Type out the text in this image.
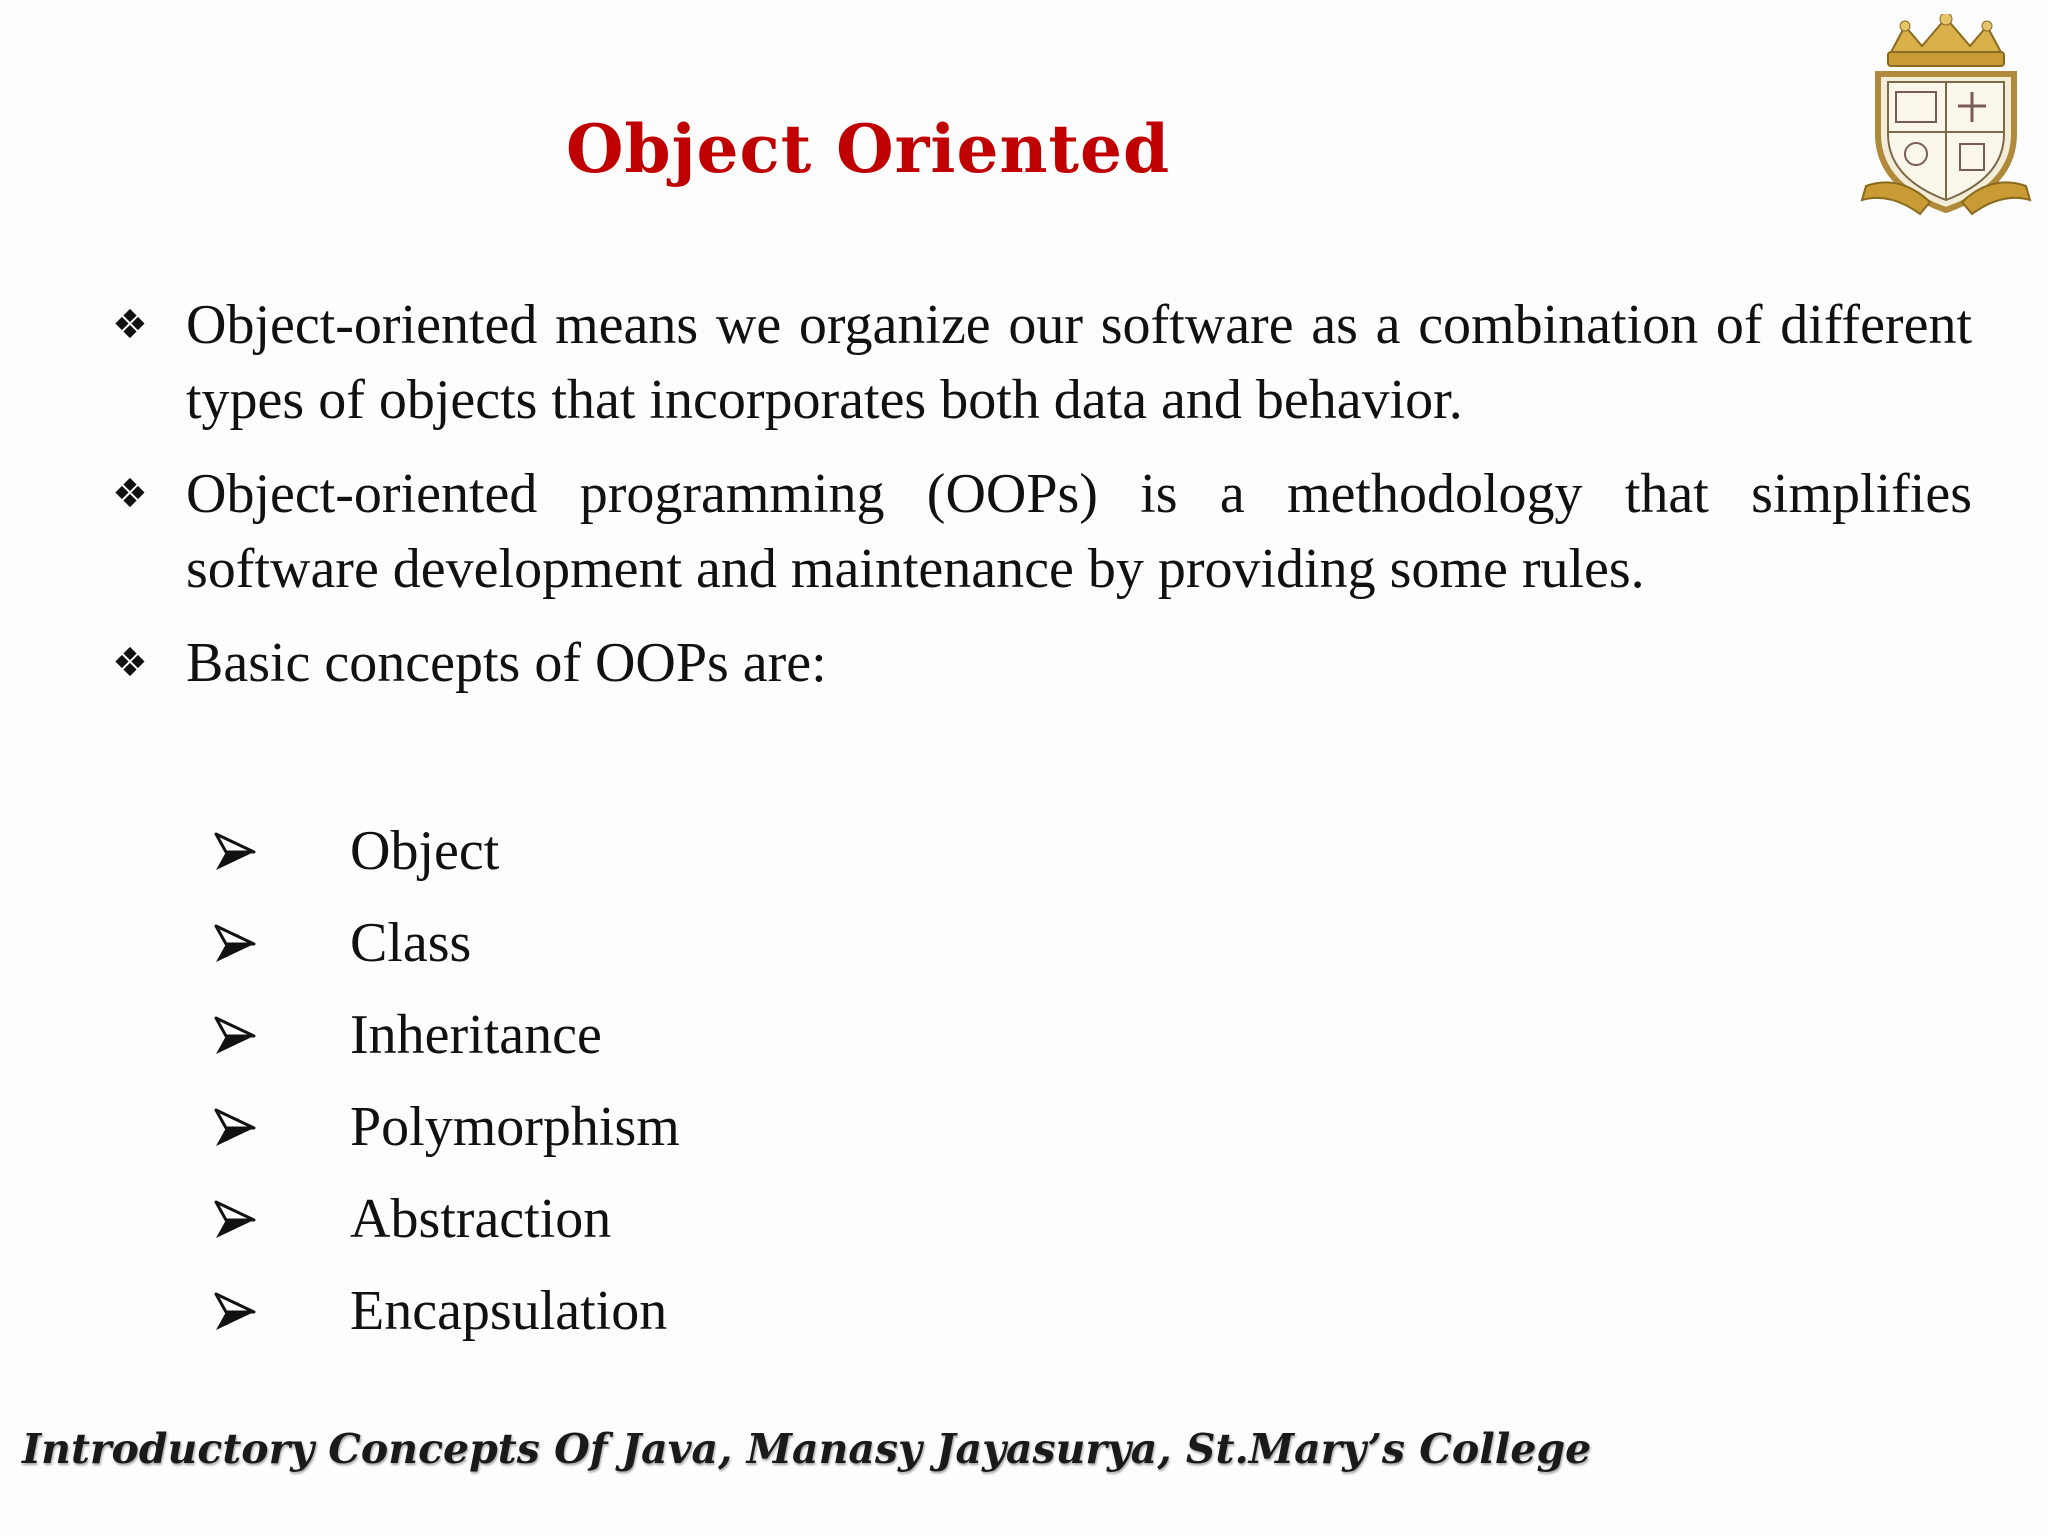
Object Oriented
❖ Object-oriented means we organize our software as a combination of different types of objects that incorporates both data and behavior.
❖ Object-oriented programming (OOPs) is a methodology that simplifies software development and maintenance by providing some rules.
❖ Basic concepts of OOPs are:
Object
Class
Inheritance
Polymorphism
Abstraction
Encapsulation
Introductory Concepts Of Java, Manasy Jayasurya, St.Mary’s College
